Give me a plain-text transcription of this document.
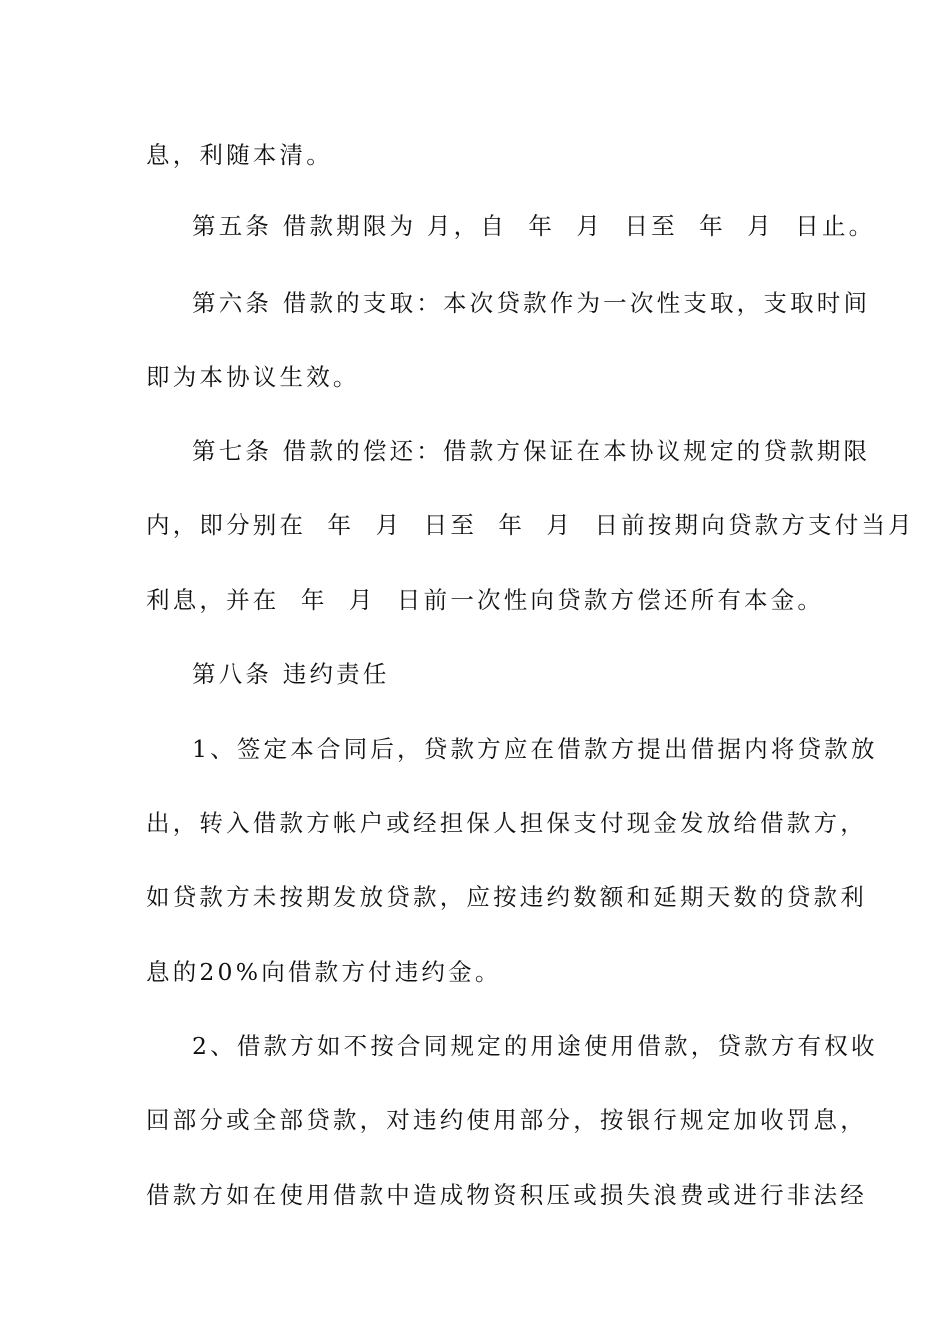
息，利随本清。
第五条 借款期限为 月，自  年  月  日至  年  月  日止。
第六条 借款的支取：本次贷款作为一次性支取，支取时间
即为本协议生效。
第七条 借款的偿还：借款方保证在本协议规定的贷款期限
内，即分别在  年  月  日至  年  月  日前按期向贷款方支付当月
利息，并在  年  月  日前一次性向贷款方偿还所有本金。
第八条 违约责任
1、签定本合同后，贷款方应在借款方提出借据内将贷款放
出，转入借款方帐户或经担保人担保支付现金发放给借款方，
如贷款方未按期发放贷款，应按违约数额和延期天数的贷款利
息的20%向借款方付违约金。
2、借款方如不按合同规定的用途使用借款，贷款方有权收
回部分或全部贷款，对违约使用部分，按银行规定加收罚息，
借款方如在使用借款中造成物资积压或损失浪费或进行非法经
